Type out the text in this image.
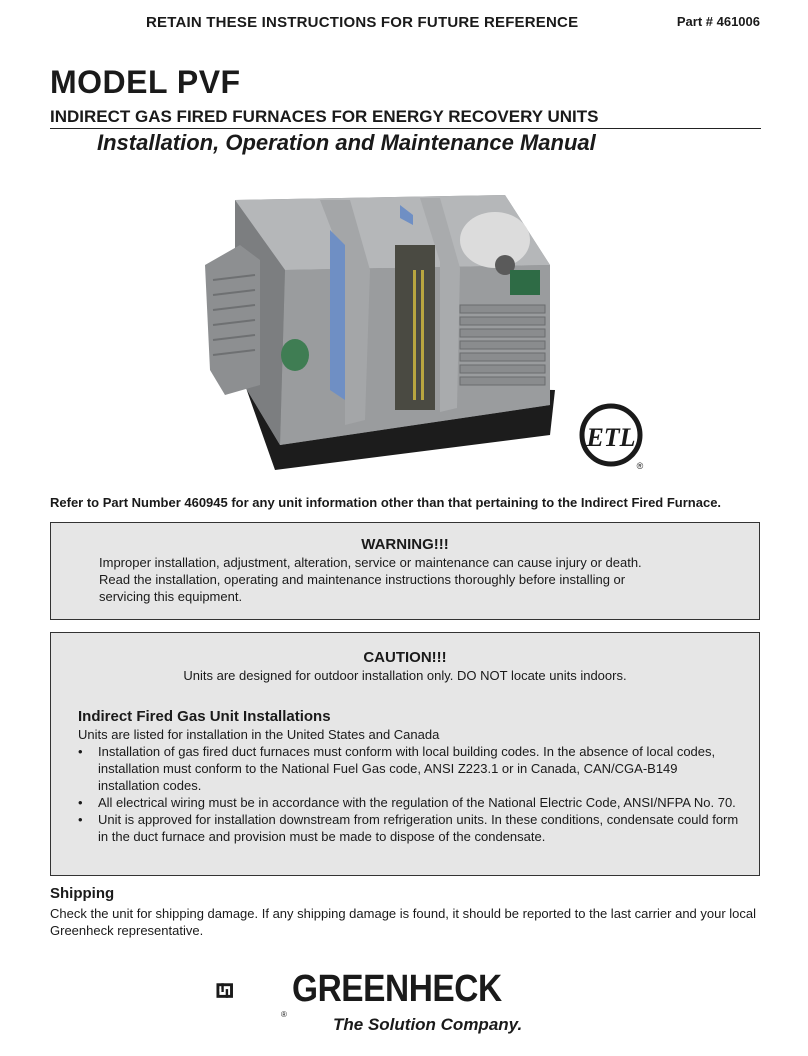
RETAIN THESE INSTRUCTIONS FOR FUTURE REFERENCE	Part # 461006
MODEL PVF
INDIRECT GAS FIRED FURNACES FOR ENERGY RECOVERY UNITS
Installation, Operation and Maintenance Manual
ETL
®
Refer to Part Number 460945 for any unit information other than that pertaining to the Indirect Fired Furnace.
WARNING!!!
Improper installation, adjustment, alteration, service or maintenance can cause injury or death.
Read the installation, operating and maintenance instructions thoroughly before installing or
servicing this equipment.
CAUTION!!!
Units are designed for outdoor installation only. DO NOT locate units indoors.
Indirect Fired Gas Unit Installations
Units are listed for installation in the United States and Canada
• Installation of gas fired duct furnaces must conform with local building codes. In the absence of local codes, installation must conform to the National Fuel Gas code, ANSI Z223.1 or in Canada, CAN/CGA-B149 installation codes.
• All electrical wiring must be in accordance with the regulation of the National Electric Code, ANSI/NFPA No. 70.
• Unit is approved for installation downstream from refrigeration units. In these conditions, condensate could form in the duct furnace and provision must be made to dispose of the condensate.
Shipping
Check the unit for shipping damage. If any shipping damage is found, it should be reported to the last carrier and your local Greenheck representative.
®
GREENHECK
The Solution Company.
